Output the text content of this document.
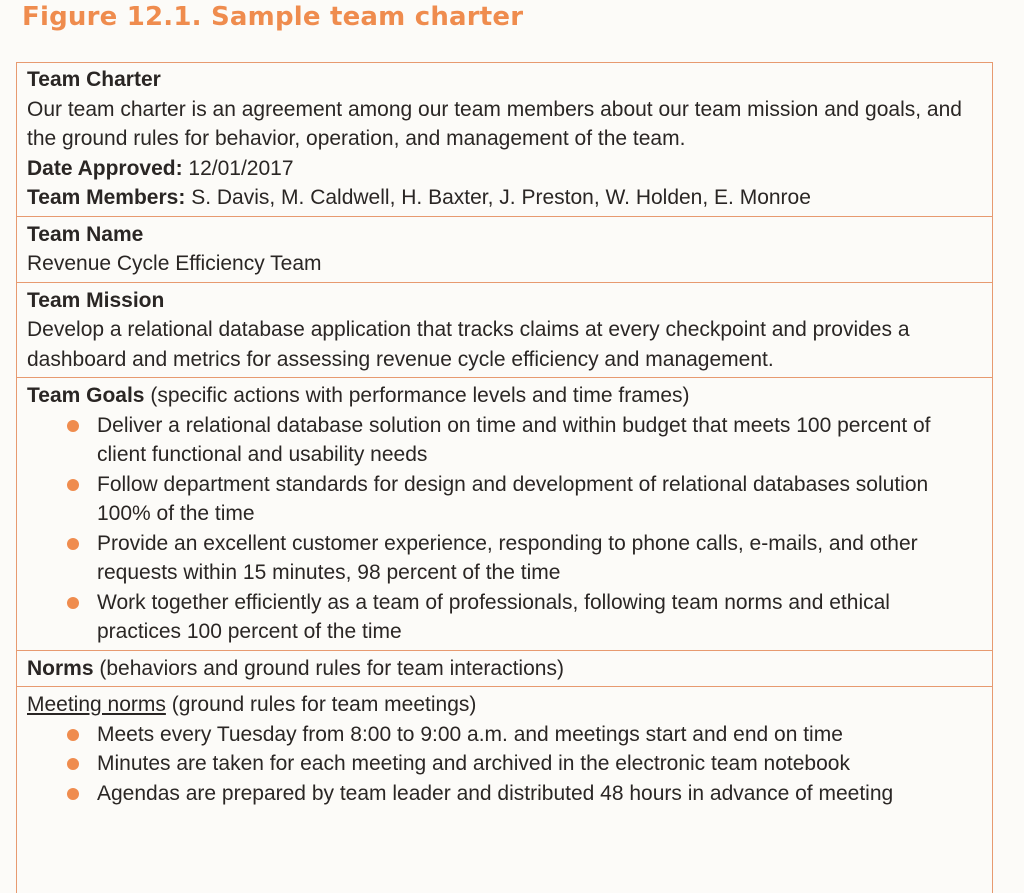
Figure 12.1. Sample team charter
Team Charter
Our team charter is an agreement among our team members about our team mission and goals, and the ground rules for behavior, operation, and management of the team.
Date Approved: 12/01/2017
Team Members: S. Davis, M. Caldwell, H. Baxter, J. Preston, W. Holden, E. Monroe
Team Name
Revenue Cycle Efficiency Team
Team Mission
Develop a relational database application that tracks claims at every checkpoint and provides a dashboard and metrics for assessing revenue cycle efficiency and management.
Team Goals (specific actions with performance levels and time frames)
Deliver a relational database solution on time and within budget that meets 100 percent of client functional and usability needs
Follow department standards for design and development of relational databases solution 100% of the time
Provide an excellent customer experience, responding to phone calls, e-mails, and other requests within 15 minutes, 98 percent of the time
Work together efficiently as a team of professionals, following team norms and ethical practices 100 percent of the time
Norms (behaviors and ground rules for team interactions)
Meeting norms (ground rules for team meetings)
Meets every Tuesday from 8:00 to 9:00 a.m. and meetings start and end on time
Minutes are taken for each meeting and archived in the electronic team notebook
Agendas are prepared by team leader and distributed 48 hours in advance of meeting
